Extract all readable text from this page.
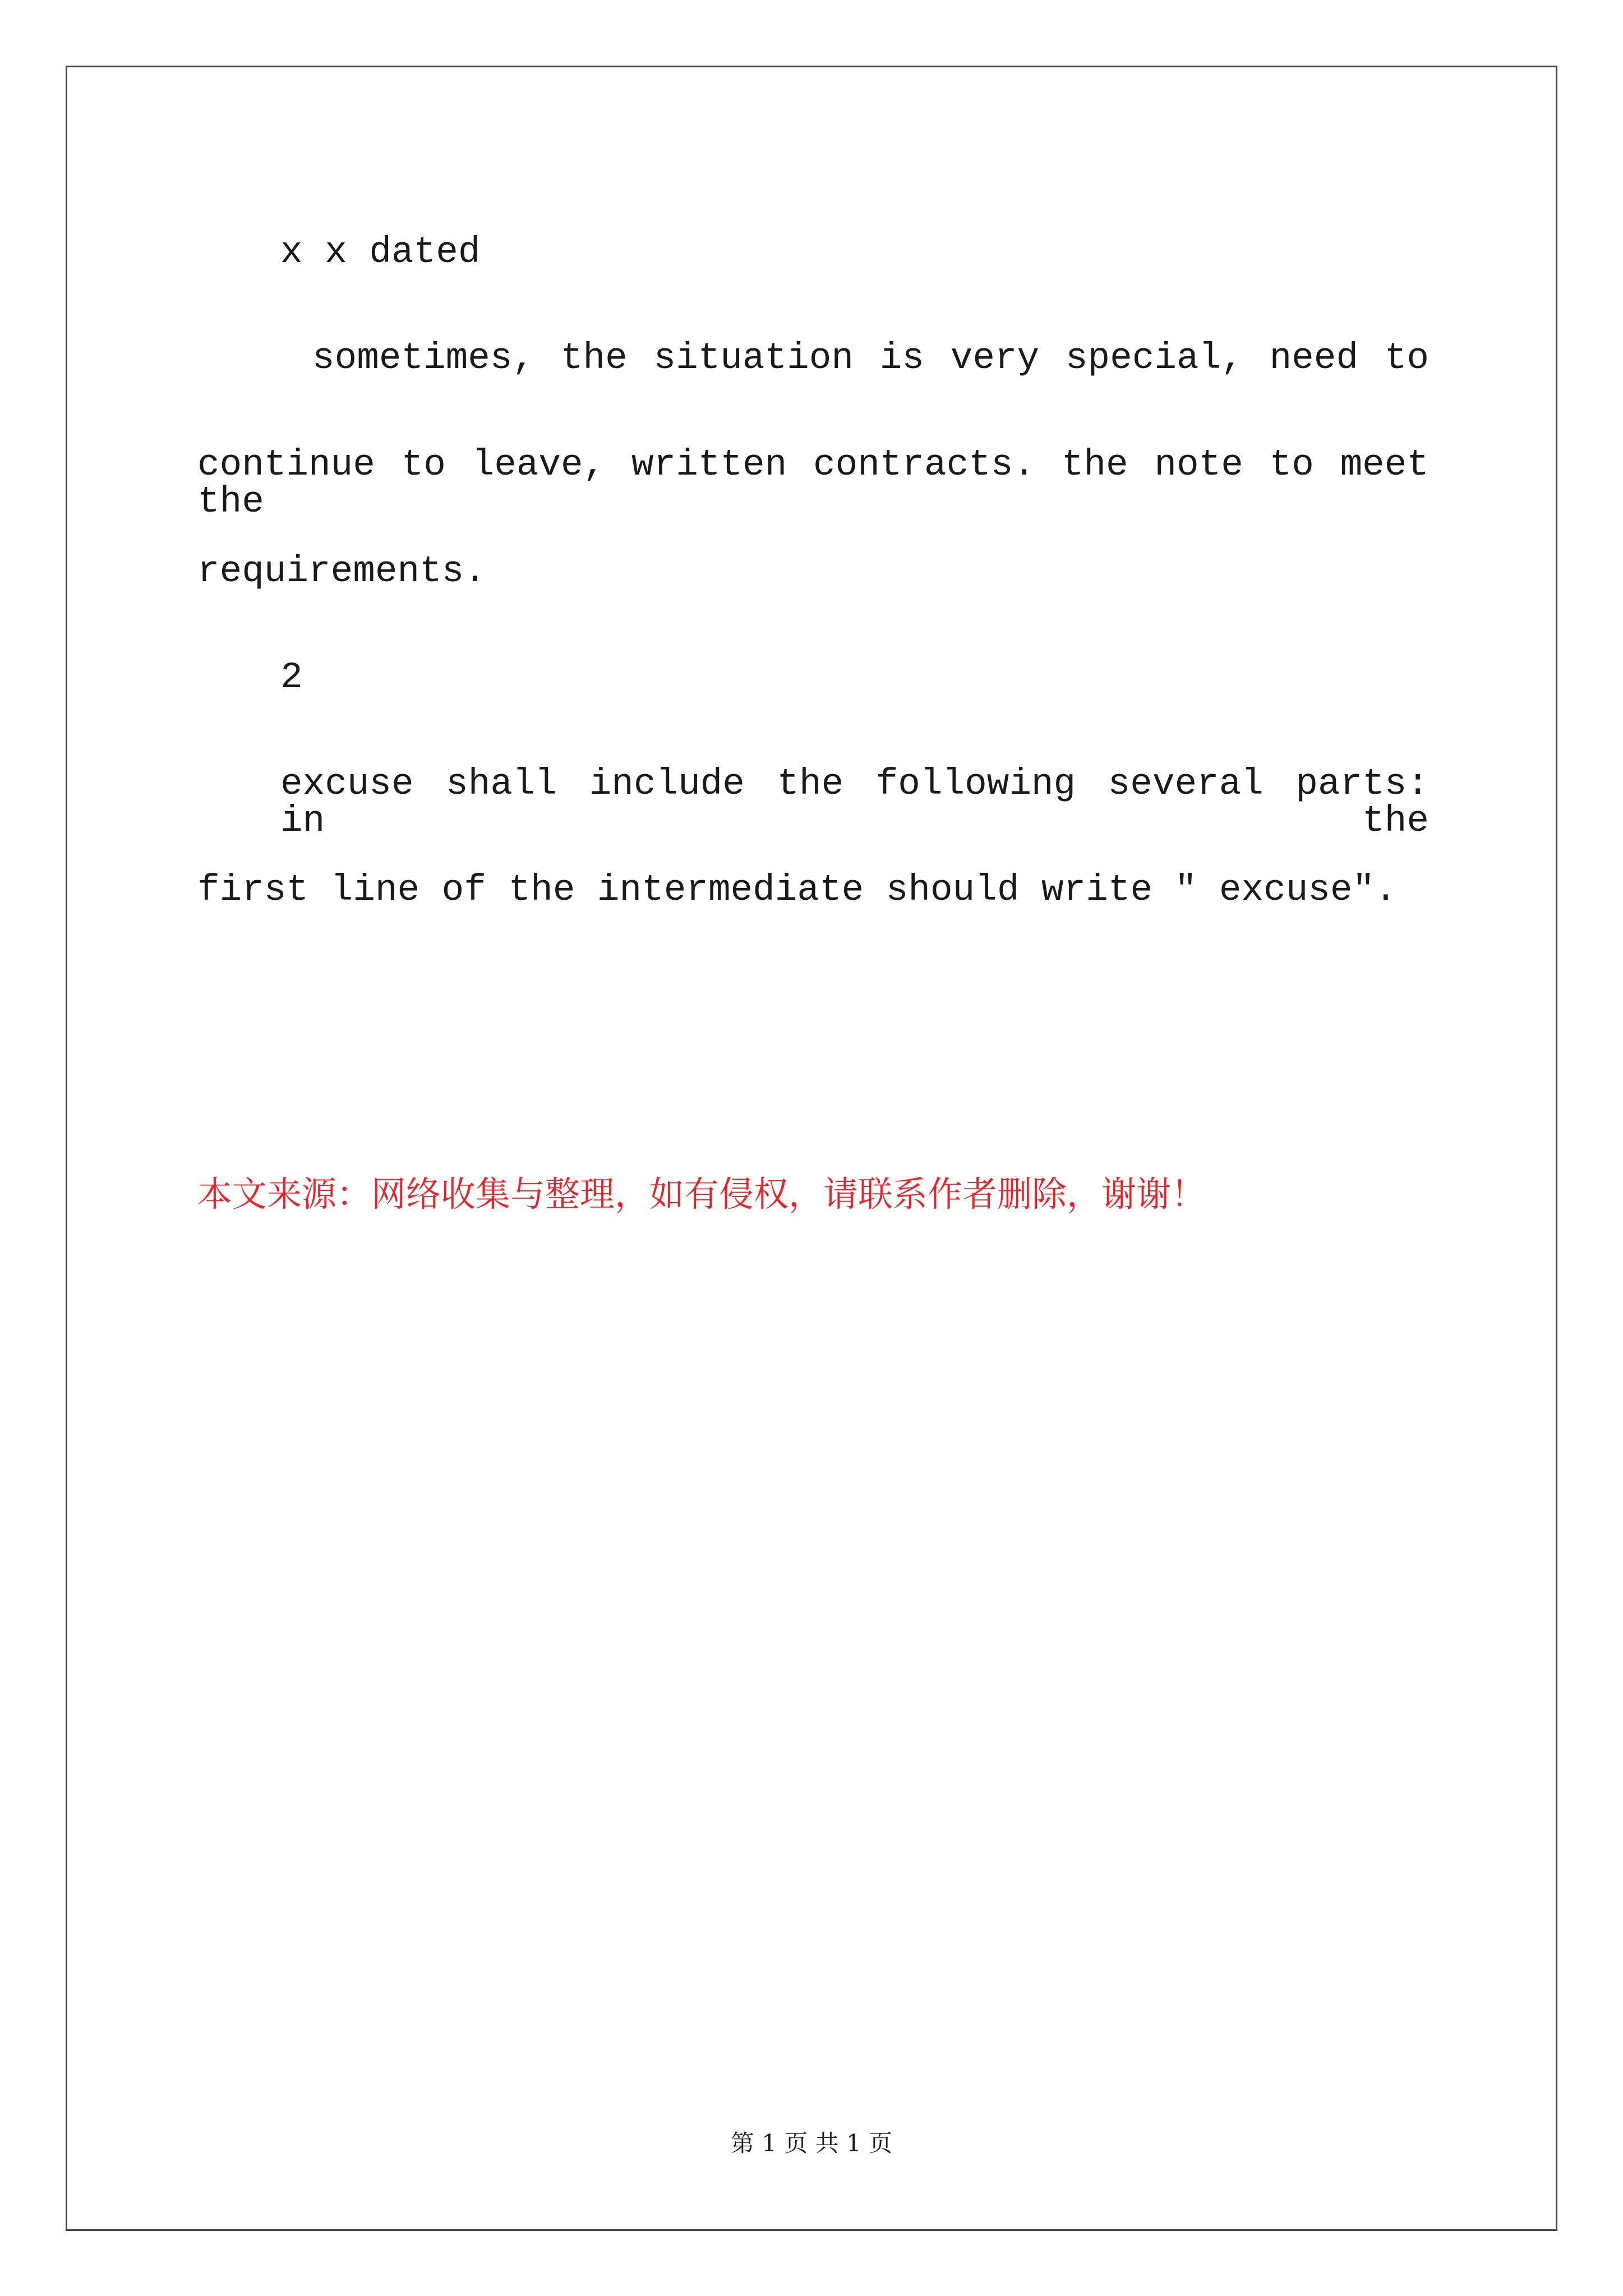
x x dated
sometimes, the situation is very special, need to
continue to leave, written contracts. the note to meet the
requirements.
2
excuse shall include the following several parts: in the
first line of the intermediate should write " excuse".
本文来源：网络收集与整理，如有侵权，请联系作者删除，谢谢！
第 1 页 共 1 页
